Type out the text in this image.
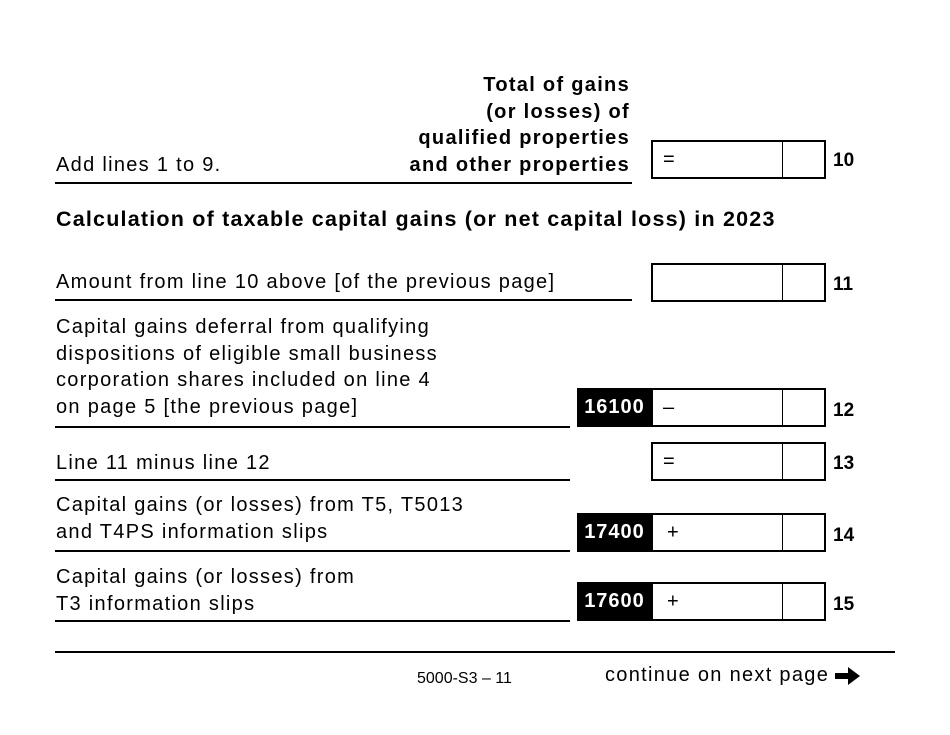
Add lines 1 to 9.
Total of gains
(or losses) of
qualified properties
and other properties =	10
Calculation of taxable capital gains (or net capital loss) in 2023
Amount from line 10 above [of the previous page]	11
Capital gains deferral from qualifying
dispositions of eligible small business
corporation shares included on line 4
on page 5 [the previous page]	16100 –	12
Line 11 minus line 12	=	13
Capital gains (or losses) from T5, T5013
and T4PS information slips	17400	+	14
Capital gains (or losses) from
T3 information slips	17600	+	15
5000-S3 – 11	continue on next page
